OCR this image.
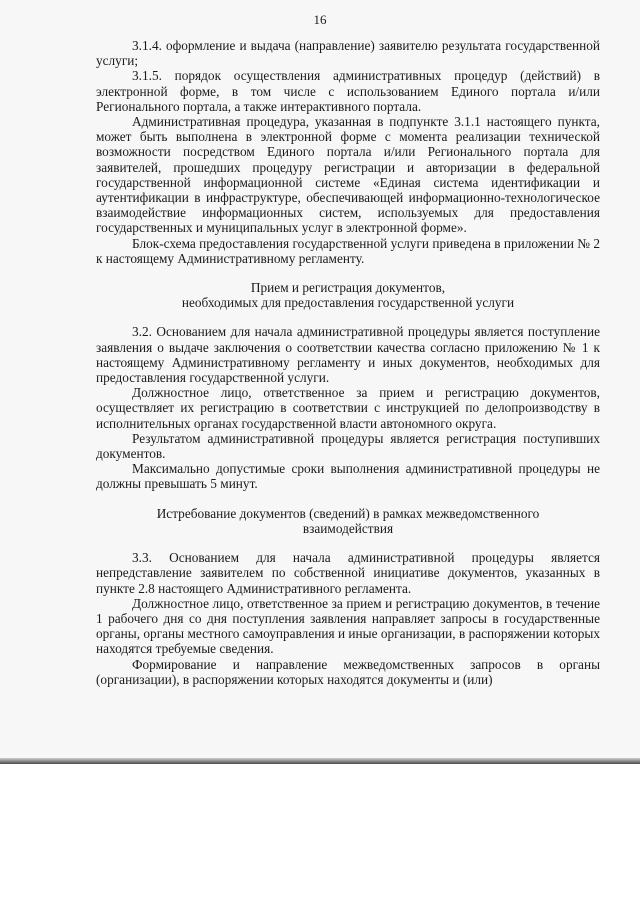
16

3.1.4. оформление и выдача (направление) заявителю результата государственной услуги;

3.1.5. порядок осуществления административных процедур (действий) в электронной форме, в том числе с использованием Единого портала и/или Регионального портала, а также интерактивного портала.

Административная процедура, указанная в подпункте 3.1.1 настоящего пункта, может быть выполнена в электронной форме с момента реализации технической возможности посредством Единого портала и/или Регионального портала для заявителей, прошедших процедуру регистрации и авторизации в федеральной государственной информационной системе «Единая система идентификации и аутентификации в инфраструктуре, обеспечивающей информационно-технологическое взаимодействие информационных систем, используемых для предоставления государственных и муниципальных услуг в электронной форме».

Блок-схема предоставления государственной услуги приведена в приложении № 2 к настоящему Административному регламенту.

Прием и регистрация документов,

необходимых для предоставления государственной услуги

3.2. Основанием для начала административной процедуры является поступление заявления о выдаче заключения о соответствии качества согласно приложению № 1 к настоящему Административному регламенту и иных документов, необходимых для предоставления государственной услуги.

Должностное лицо, ответственное за прием и регистрацию документов, осуществляет их регистрацию в соответствии с инструкцией по делопроизводству в исполнительных органах государственной власти автономного округа.

Результатом административной процедуры является регистрация поступивших документов.

Максимально допустимые сроки выполнения административной процедуры не должны превышать 5 минут.

Истребование документов (сведений) в рамках межведомственного

взаимодействия

3.3. Основанием для начала административной процедуры является непредставление заявителем по собственной инициативе документов, указанных в пункте 2.8 настоящего Административного регламента.

Должностное лицо, ответственное за прием и регистрацию документов, в течение 1 рабочего дня со дня поступления заявления направляет запросы в государственные органы, органы местного самоуправления и иные организации, в распоряжении которых находятся требуемые сведения.

Формирование и направление межведомственных запросов в органы (организации), в распоряжении которых находятся документы и (или)
